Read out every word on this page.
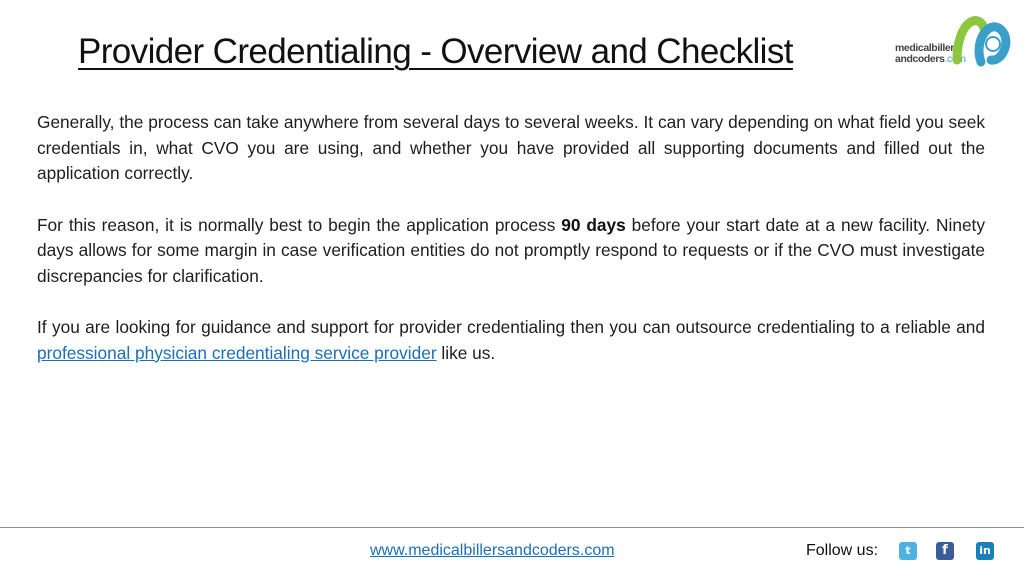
Provider Credentialing - Overview and Checklist	medicalbillers
andcoders.com

Generally, the process can take anywhere from several days to several weeks. It can vary depending on what field you seek credentials in, what CVO you are using, and whether you have provided all supporting documents and filled out the application correctly.

For this reason, it is normally best to begin the application process 90 days before your start date at a new facility. Ninety days allows for some margin in case verification entities do not promptly respond to requests or if the CVO must investigate discrepancies for clarification.

If you are looking for guidance and support for provider credentialing then you can outsource credentialing to a reliable and professional physician credentialing service provider like us.

www.medicalbillersandcoders.com	Follow us:	t	f	in
